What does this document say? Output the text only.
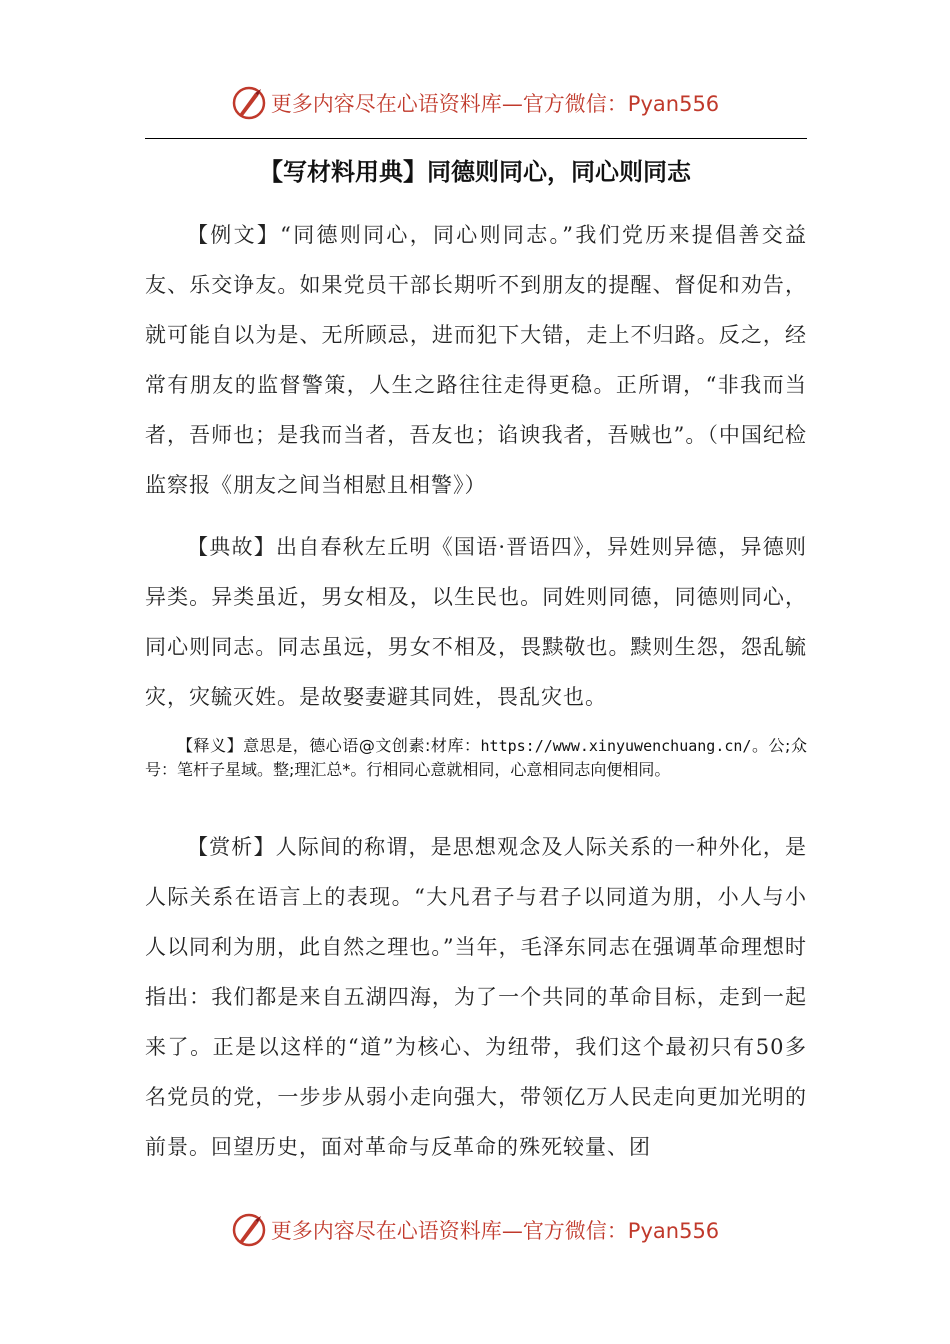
更多内容尽在心语资料库—官方微信：Pyan556
【写材料用典】同德则同心，同心则同志

【例文】“同德则同心，同心则同志。”我们党历来提倡善交益友、乐交诤友。如果党员干部长期听不到朋友的提醒、督促和劝告，就可能自以为是、无所顾忌，进而犯下大错，走上不归路。反之，经常有朋友的监督警策，人生之路往往走得更稳。正所谓，“非我而当者，吾师也；是我而当者，吾友也；谄谀我者，吾贼也”。（中国纪检监察报《朋友之间当相慰且相警》）

【典故】出自春秋左丘明《国语·晋语四》，异姓则异德，异德则异类。异类虽近，男女相及，以生民也。同姓则同德，同德则同心，同心则同志。同志虽远，男女不相及，畏黩敬也。黩则生怨，怨乱毓灾，灾毓灭姓。是故娶妻避其同姓，畏乱灾也。

【释义】意思是，德心语@文创素:材库：https://www.xinyuwenchuang.cn/。公;众号：笔杆子星域。整;理汇总*。行相同心意就相同，心意相同志向便相同。

【赏析】人际间的称谓，是思想观念及人际关系的一种外化，是人际关系在语言上的表现。“大凡君子与君子以同道为朋，小人与小人以同利为朋，此自然之理也。”当年，毛泽东同志在强调革命理想时指出：我们都是来自五湖四海，为了一个共同的革命目标，走到一起来了。正是以这样的“道”为核心、为纽带，我们这个最初只有50多名党员的党，一步步从弱小走向强大，带领亿万人民走向更加光明的前景。回望历史，面对革命与反革命的殊死较量、团

更多内容尽在心语资料库—官方微信：Pyan556
